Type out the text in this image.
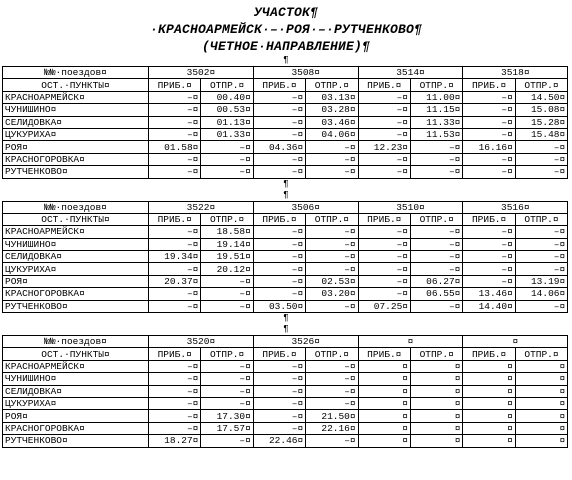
УЧАСТОК¶
·КРАСНОАРМЕЙСК·–·РОЯ·–·РУТЧЕНКОВО¶
(ЧЕТНОЕ·НАПРАВЛЕНИЕ)¶
¶
№№·поездов¤	3502¤		3508¤		3514¤		3518¤	
ОСТ.·ПУНКТЫ¤	ПРИБ.¤	ОТПР.¤	ПРИБ.¤	ОТПР.¤	ПРИБ.¤	ОТПР.¤	ПРИБ.¤	ОТПР.¤
КРАСНОАРМЕЙСК¤	–¤	00.40¤	–¤	03.13¤	–¤	11.00¤	–¤	14.50¤
ЧУНИШИНО¤	–¤	00.53¤	–¤	03.28¤	–¤	11.15¤	–¤	15.08¤
СЕЛИДОВКА¤	–¤	01.13¤	–¤	03.46¤	–¤	11.33¤	–¤	15.28¤
ЦУКУРИХА¤	–¤	01.33¤	–¤	04.06¤	–¤	11.53¤	–¤	15.48¤
РОЯ¤	01.58¤	–¤	04.36¤	–¤	12.23¤	–¤	16.16¤	–¤
КРАСНОГОРОВКА¤	–¤	–¤	–¤	–¤	–¤	–¤	–¤	–¤
РУТЧЕНКОВО¤	–¤	–¤	–¤	–¤	–¤	–¤	–¤	–¤
¶
¶
№№·поездов¤	3522¤		3506¤		3510¤		3516¤	
ОСТ.·ПУНКТЫ¤	ПРИБ.¤	ОТПР.¤	ПРИБ.¤	ОТПР.¤	ПРИБ.¤	ОТПР.¤	ПРИБ.¤	ОТПР.¤
КРАСНОАРМЕЙСК¤	–¤	18.58¤	–¤	–¤	–¤	–¤	–¤	–¤
ЧУНИШИНО¤	–¤	19.14¤	–¤	–¤	–¤	–¤	–¤	–¤
СЕЛИДОВКА¤	19.34¤	19.51¤	–¤	–¤	–¤	–¤	–¤	–¤
ЦУКУРИХА¤	–¤	20.12¤	–¤	–¤	–¤	–¤	–¤	–¤
РОЯ¤	20.37¤	–¤	–¤	02.53¤	–¤	06.27¤	–¤	13.19¤
КРАСНОГОРОВКА¤	–¤	–¤	–¤	03.20¤	–¤	06.55¤	13.46¤	14.06¤
РУТЧЕНКОВО¤	–¤	–¤	03.50¤	–¤	07.25¤	–¤	14.40¤	–¤
¶
¶
№№·поездов¤	3520¤		3526¤		¤		¤	
ОСТ.·ПУНКТЫ¤	ПРИБ.¤	ОТПР.¤	ПРИБ.¤	ОТПР.¤	ПРИБ.¤	ОТПР.¤	ПРИБ.¤	ОТПР.¤
КРАСНОАРМЕЙСК¤	–¤	–¤	–¤	–¤	¤	¤	¤	¤
ЧУНИШИНО¤	–¤	–¤	–¤	–¤	¤	¤	¤	¤
СЕЛИДОВКА¤	–¤	–¤	–¤	–¤	¤	¤	¤	¤
ЦУКУРИХА¤	–¤	–¤	–¤	–¤	¤	¤	¤	¤
РОЯ¤	–¤	17.30¤	–¤	21.50¤	¤	¤	¤	¤
КРАСНОГОРОВКА¤	–¤	17.57¤	–¤	22.16¤	¤	¤	¤	¤
РУТЧЕНКОВО¤	18.27¤	–¤	22.46¤	–¤	¤	¤	¤	¤
